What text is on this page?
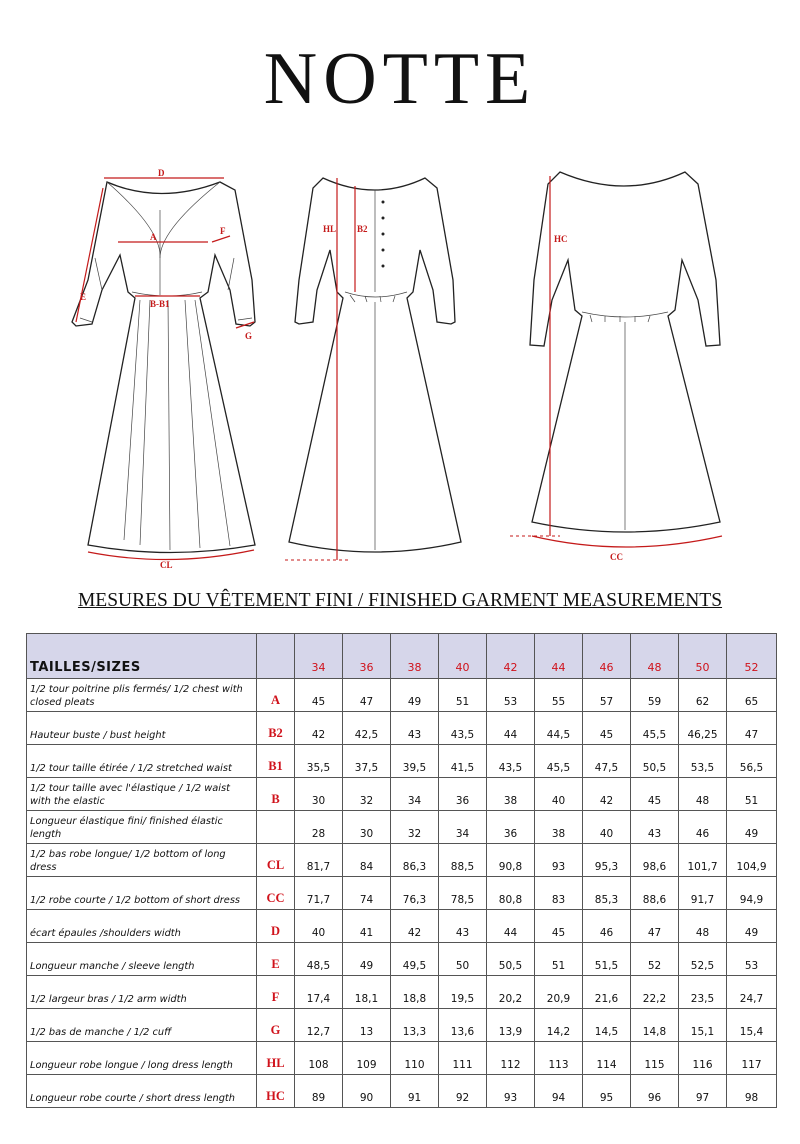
NOTTE
D
A
F
E
B-B1
G
CL
HL B2
HC
CC
MESURES DU VÊTEMENT FINI / FINISHED GARMENT MEASUREMENTS
TAILLES/SIZES		34	36	38	40	42	44	46	48	50	52
1/2 tour poitrine plis fermés/ 1/2 chest with closed pleats	A	45	47	49	51	53	55	57	59	62	65
Hauteur buste / bust height	B2	42	42,5	43	43,5	44	44,5	45	45,5	46,25	47
1/2 tour taille étirée / 1/2 stretched waist	B1	35,5	37,5	39,5	41,5	43,5	45,5	47,5	50,5	53,5	56,5
1/2 tour taille avec l'élastique / 1/2 waist with the elastic	B	30	32	34	36	38	40	42	45	48	51
Longueur élastique fini/ finished élastic length		28	30	32	34	36	38	40	43	46	49
1/2 bas robe longue/ 1/2 bottom of long dress	CL	81,7	84	86,3	88,5	90,8	93	95,3	98,6	101,7	104,9
1/2 robe courte / 1/2 bottom of short dress	CC	71,7	74	76,3	78,5	80,8	83	85,3	88,6	91,7	94,9
écart épaules /shoulders width	D	40	41	42	43	44	45	46	47	48	49
Longueur manche / sleeve length	E	48,5	49	49,5	50	50,5	51	51,5	52	52,5	53
1/2 largeur bras / 1/2 arm width	F	17,4	18,1	18,8	19,5	20,2	20,9	21,6	22,2	23,5	24,7
1/2 bas de manche / 1/2 cuff	G	12,7	13	13,3	13,6	13,9	14,2	14,5	14,8	15,1	15,4
Longueur robe longue / long dress length	HL	108	109	110	111	112	113	114	115	116	117
Longueur robe courte / short dress length	HC	89	90	91	92	93	94	95	96	97	98
